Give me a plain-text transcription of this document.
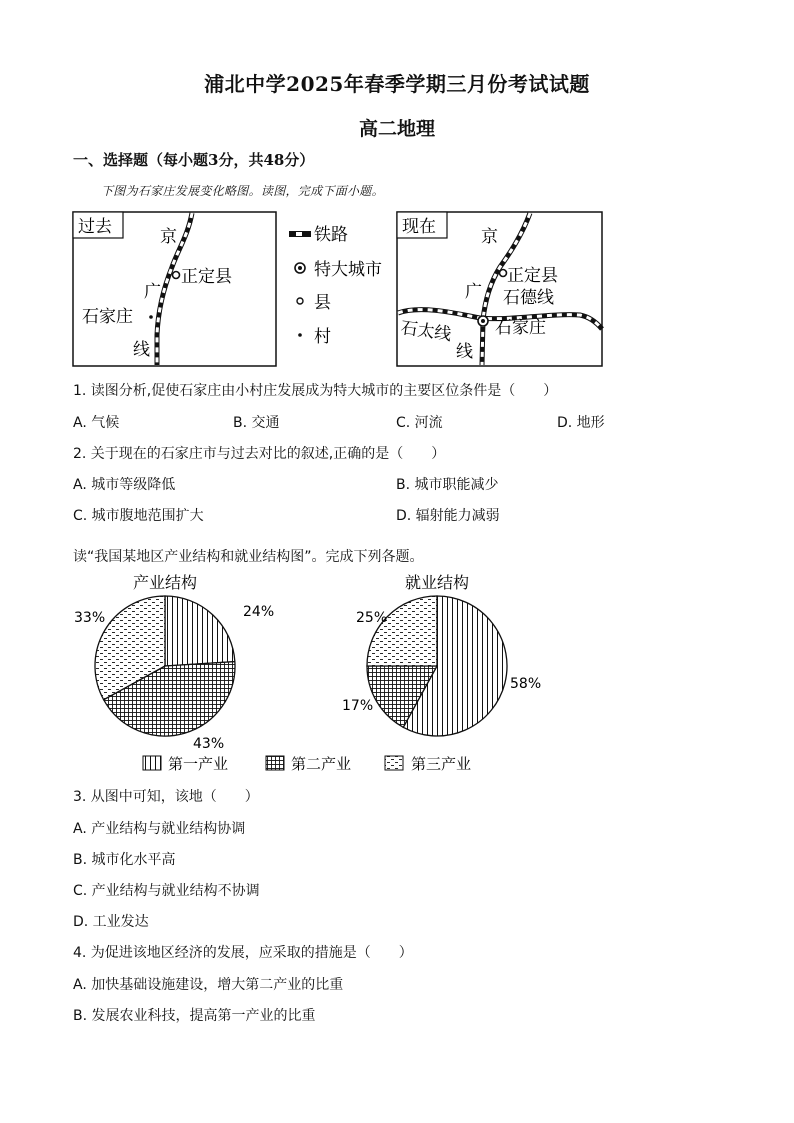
浦北中学2025年春季学期三月份考试试题
高二地理
一、选择题（每小题3分，共48分）
下图为石家庄发展变化略图。读图，完成下面小题。
过去	京
正定县
广
石家庄
线
铁路
特大城市
县
村
现在	京
正定县
广 石德线
石家庄
石太线
线
1. 读图分析,促使石家庄由小村庄发展成为特大城市的主要区位条件是（　　）
A. 气候	B. 交通	C. 河流	D. 地形
2. 关于现在的石家庄市与过去对比的叙述,正确的是（　　）
A. 城市等级降低	B. 城市职能减少
C. 城市腹地范围扩大	D. 辐射能力减弱
读“我国某地区产业结构和就业结构图”。完成下列各题。
产业结构
24%
43%
33%
就业结构
58%
17%
25%
第一产业	第二产业	第三产业
3. 从图中可知，该地（　　）
A. 产业结构与就业结构协调
B. 城市化水平高
C. 产业结构与就业结构不协调
D. 工业发达
4. 为促进该地区经济的发展，应采取的措施是（　　）
A. 加快基础设施建设，增大第二产业的比重
B. 发展农业科技，提高第一产业的比重
